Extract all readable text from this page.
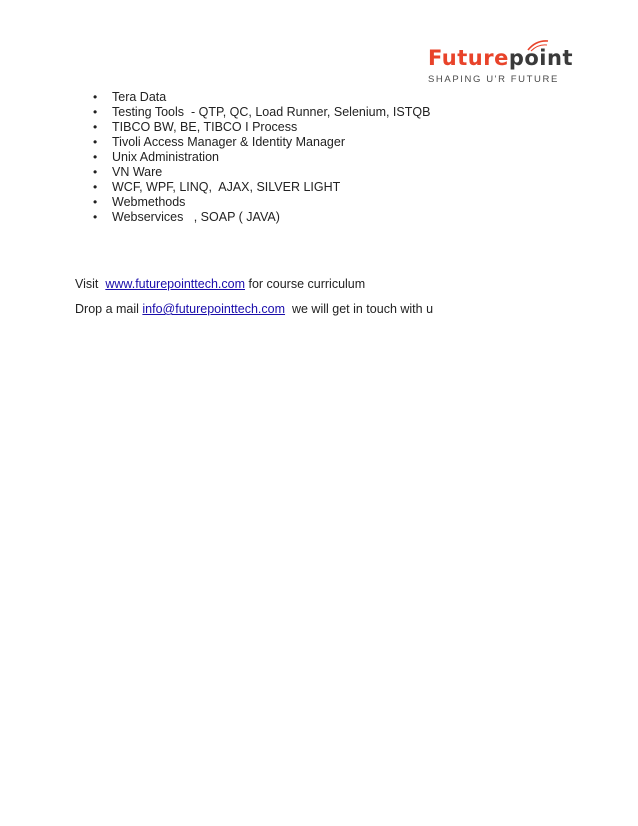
Futurepoint
SHAPING U'R FUTURE
• Tera Data
• Testing Tools  - QTP, QC, Load Runner, Selenium, ISTQB
• TIBCO BW, BE, TIBCO I Process
• Tivoli Access Manager & Identity Manager
• Unix Administration
• VN Ware
• WCF, WPF, LINQ,  AJAX, SILVER LIGHT
• Webmethods
• Webservices   , SOAP ( JAVA)
Visit  www.futurepointtech.com for course curriculum
Drop a mail info@futurepointtech.com  we will get in touch with u
